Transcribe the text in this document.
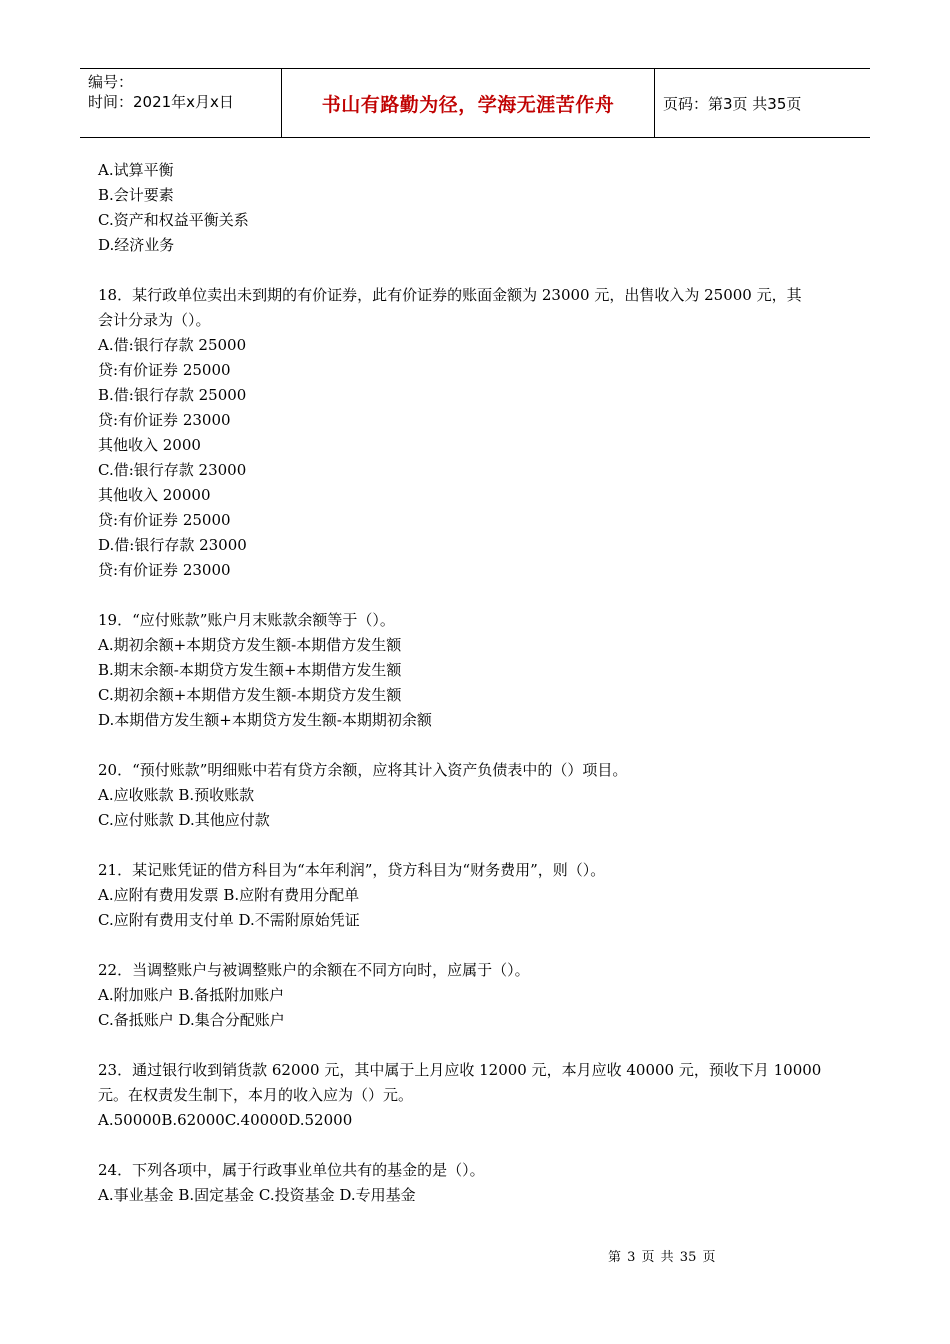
编号：
时间：2021年x月x日	书山有路勤为径，学海无涯苦作舟	页码：第3页 共35页
A.试算平衡
B.会计要素
C.资产和权益平衡关系
D.经济业务
18．某行政单位卖出未到期的有价证券，此有价证券的账面金额为 23000 元，出售收入为 25000 元，其
会计分录为（）。
A.借:银行存款 25000
贷:有价证券 25000
B.借:银行存款 25000
贷:有价证券 23000
其他收入 2000
C.借:银行存款 23000
其他收入 20000
贷:有价证券 25000
D.借:银行存款 23000
贷:有价证券 23000
19．“应付账款”账户月末账款余额等于（）。
A.期初余额+本期贷方发生额-本期借方发生额
B.期末余额-本期贷方发生额+本期借方发生额
C.期初余额+本期借方发生额-本期贷方发生额
D.本期借方发生额+本期贷方发生额-本期期初余额
20．“预付账款”明细账中若有贷方余额，应将其计入资产负债表中的（）项目。
A.应收账款 B.预收账款
C.应付账款 D.其他应付款
21．某记账凭证的借方科目为“本年利润”，贷方科目为“财务费用”，则（）。
A.应附有费用发票 B.应附有费用分配单
C.应附有费用支付单 D.不需附原始凭证
22．当调整账户与被调整账户的余额在不同方向时，应属于（）。
A.附加账户 B.备抵附加账户
C.备抵账户 D.集合分配账户
23．通过银行收到销货款 62000 元，其中属于上月应收 12000 元，本月应收 40000 元，预收下月 10000
元。在权责发生制下，本月的收入应为（）元。
A.50000B.62000C.40000D.52000
24．下列各项中，属于行政事业单位共有的基金的是（）。
A.事业基金 B.固定基金 C.投资基金 D.专用基金
第 3 页 共 35 页
